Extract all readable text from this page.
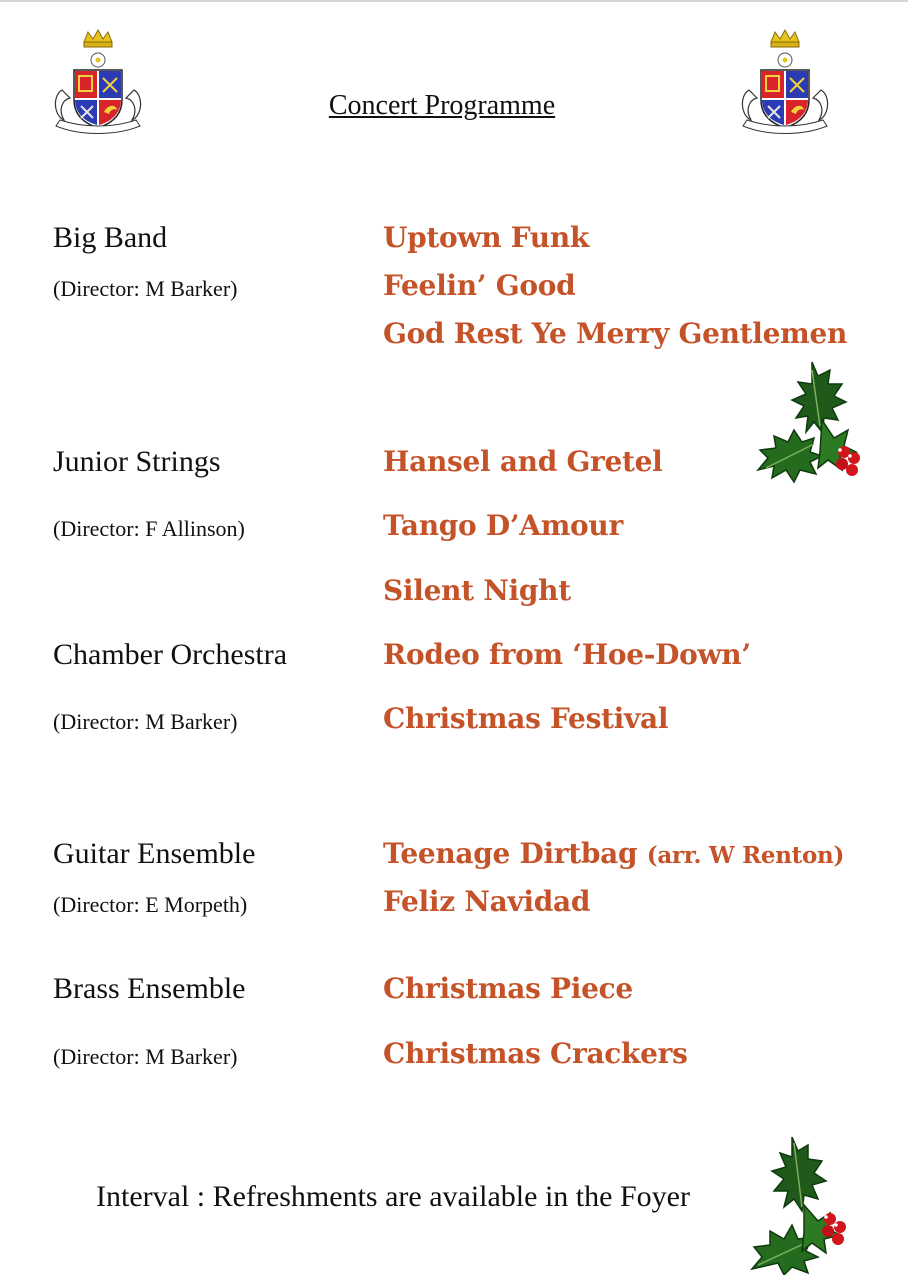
Concert Programme
Big Band
(Director: M Barker)
Uptown Funk
Feelin’ Good
God Rest Ye Merry Gentlemen
Junior Strings
(Director: F Allinson)
Hansel and Gretel
Tango D’Amour
Silent Night
Chamber Orchestra
(Director: M Barker)
Rodeo from ‘Hoe-Down’
Christmas Festival
Guitar Ensemble
(Director: E Morpeth)
Teenage Dirtbag (arr. W Renton)
Feliz Navidad
Brass Ensemble
(Director: M Barker)
Christmas Piece
Christmas Crackers
Interval : Refreshments are available in the Foyer
